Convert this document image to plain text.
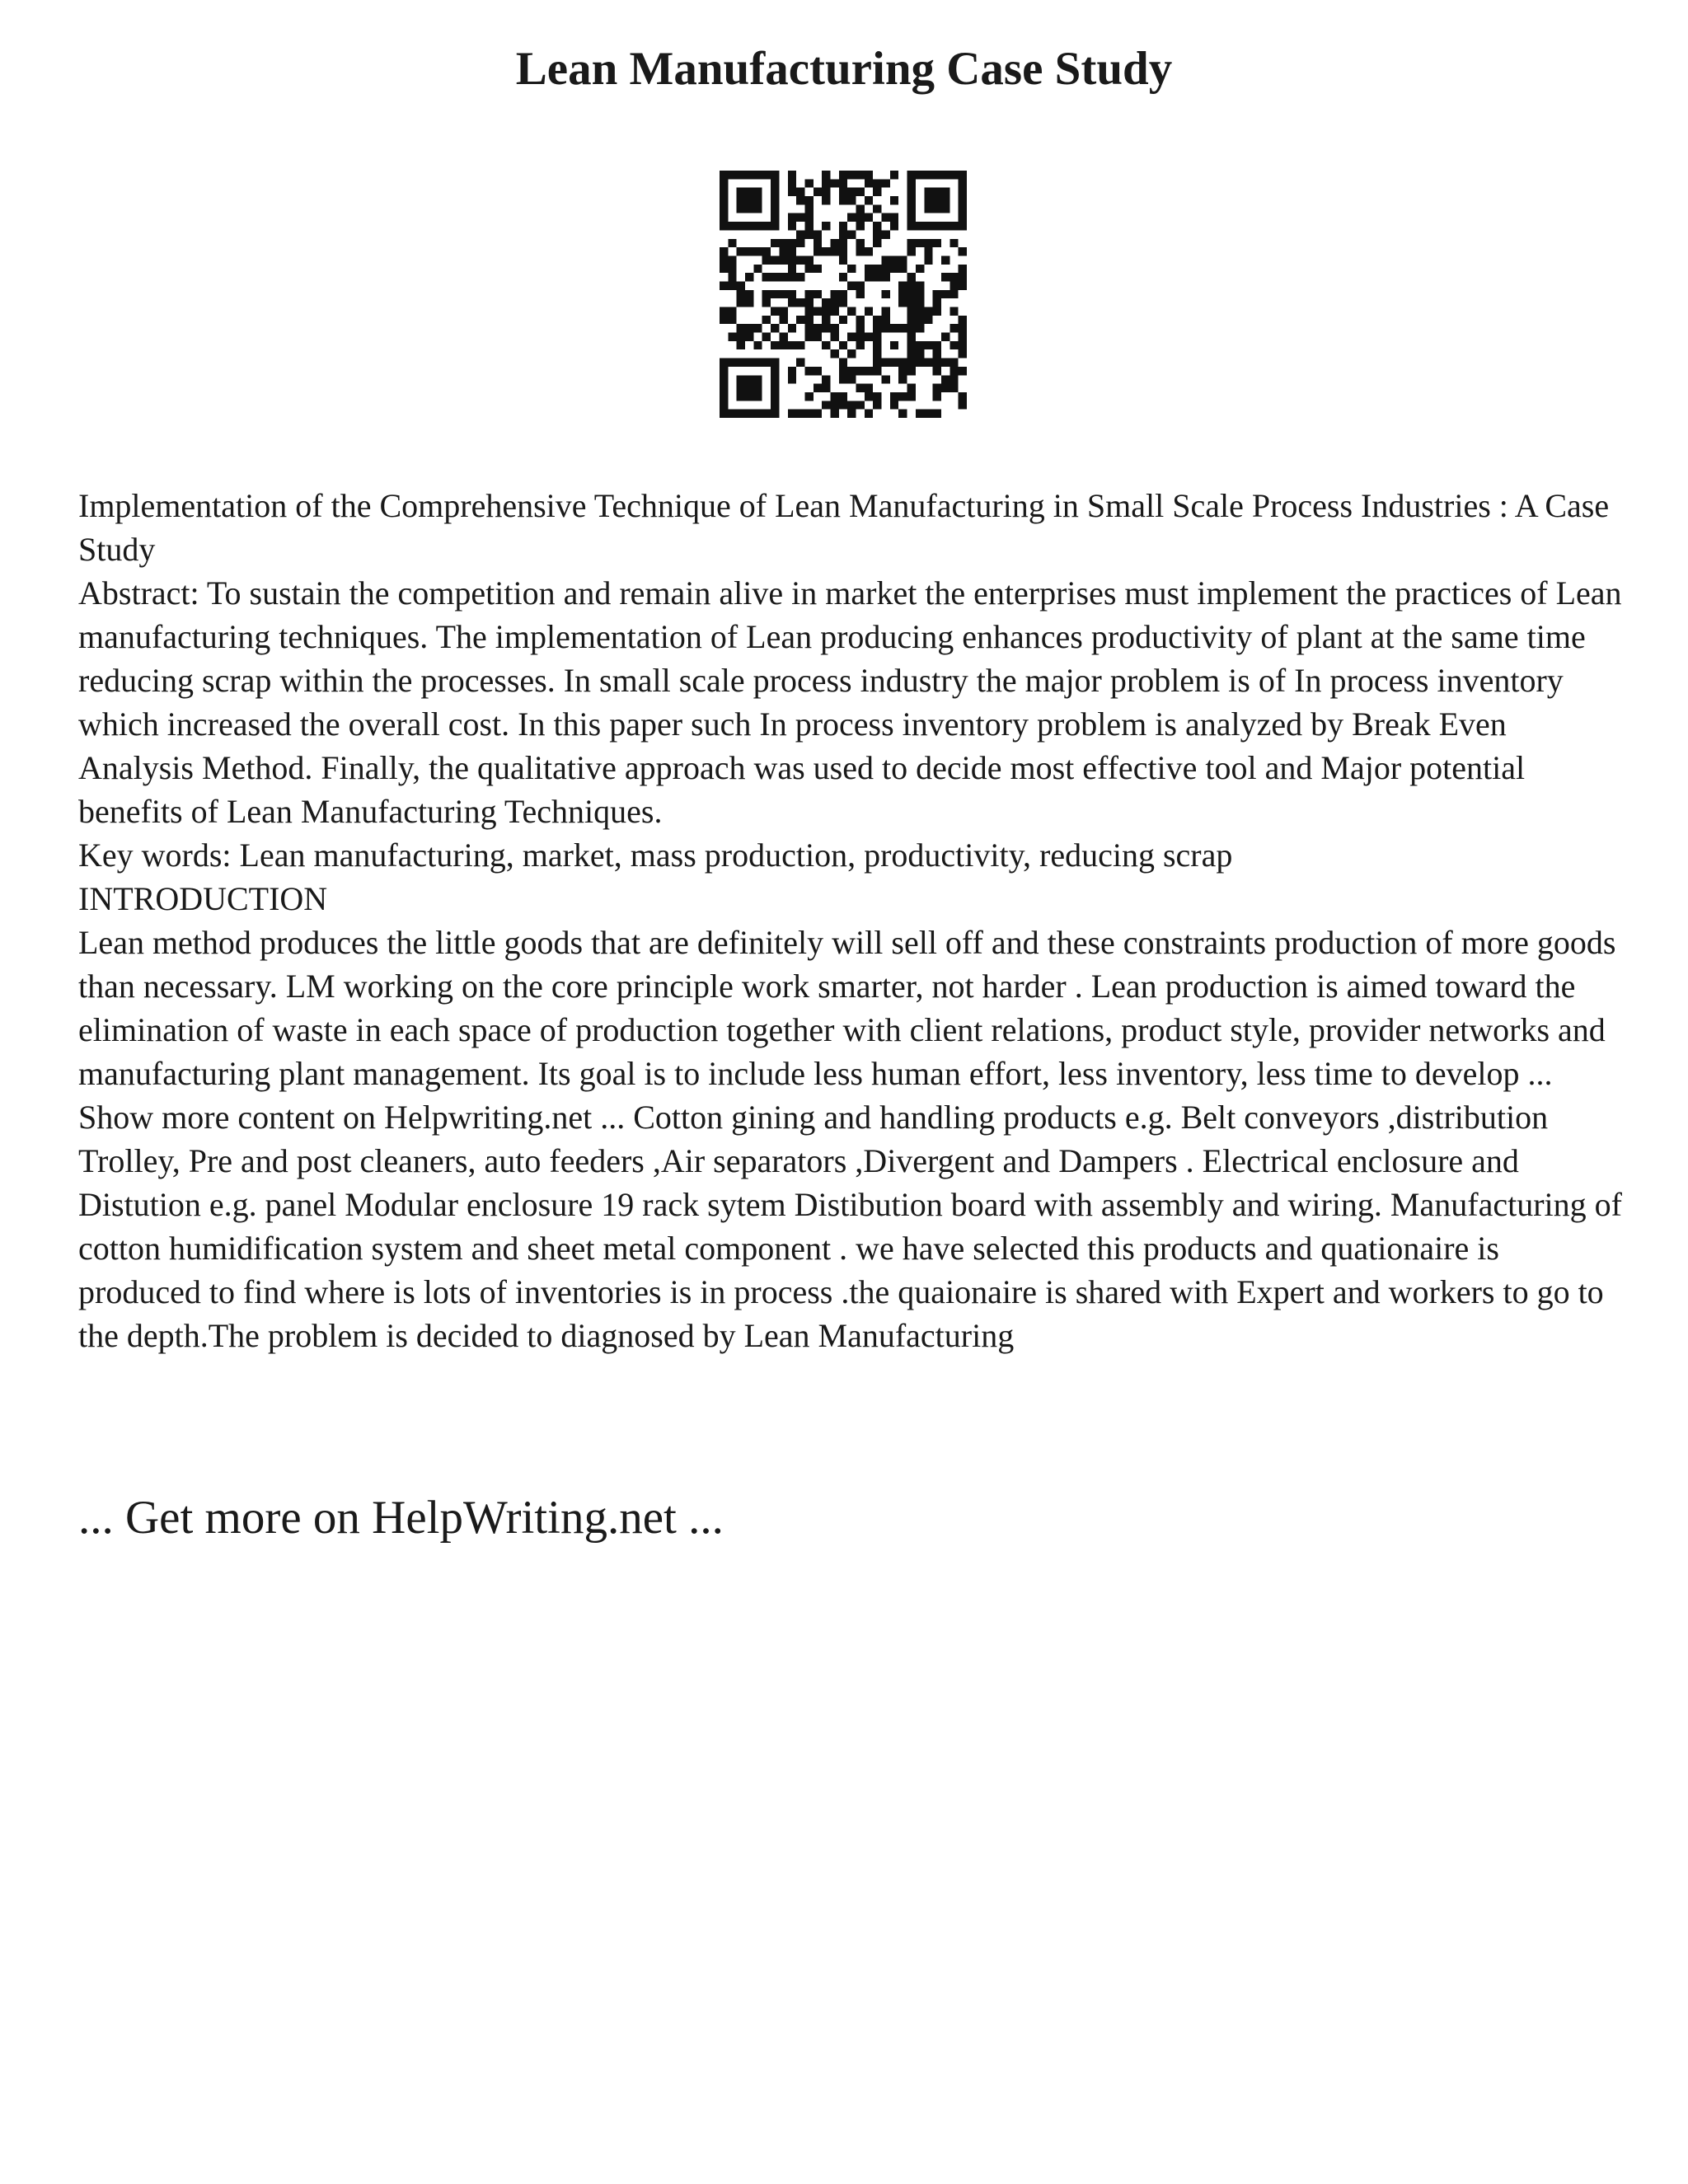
Lean Manufacturing Case Study

Implementation of the Comprehensive Technique of Lean Manufacturing in Small Scale Process Industries : A Case Study

Abstract: To sustain the competition and remain alive in market the enterprises must implement the practices of Lean manufacturing techniques. The implementation of Lean producing enhances productivity of plant at the same time reducing scrap within the processes. In small scale process industry the major problem is of In process inventory which increased the overall cost. In this paper such In process inventory problem is analyzed by Break Even Analysis Method. Finally, the qualitative approach was used to decide most effective tool and Major potential benefits of Lean Manufacturing Techniques.

Key words: Lean manufacturing, market, mass production, productivity, reducing scrap

INTRODUCTION

Lean method produces the little goods that are definitely will sell off and these constraints production of more goods than necessary. LM working on the core principle work smarter, not harder . Lean production is aimed toward the elimination of waste in each space of production together with client relations, product style, provider networks and manufacturing plant management. Its goal is to include less human effort, less inventory, less time to develop ... Show more content on Helpwriting.net ... Cotton gining and handling products e.g. Belt conveyors ,distribution Trolley, Pre and post cleaners, auto feeders ,Air separators ,Divergent and Dampers . Electrical enclosure and Distution e.g. panel Modular enclosure 19 rack sytem Distibution board with assembly and wiring. Manufacturing of cotton humidification system and sheet metal component . we have selected this products and quationaire is produced to find where is lots of inventories is in process .the quaionaire is shared with Expert and workers to go to the depth.The problem is decided to diagnosed by Lean Manufacturing

... Get more on HelpWriting.net ...
